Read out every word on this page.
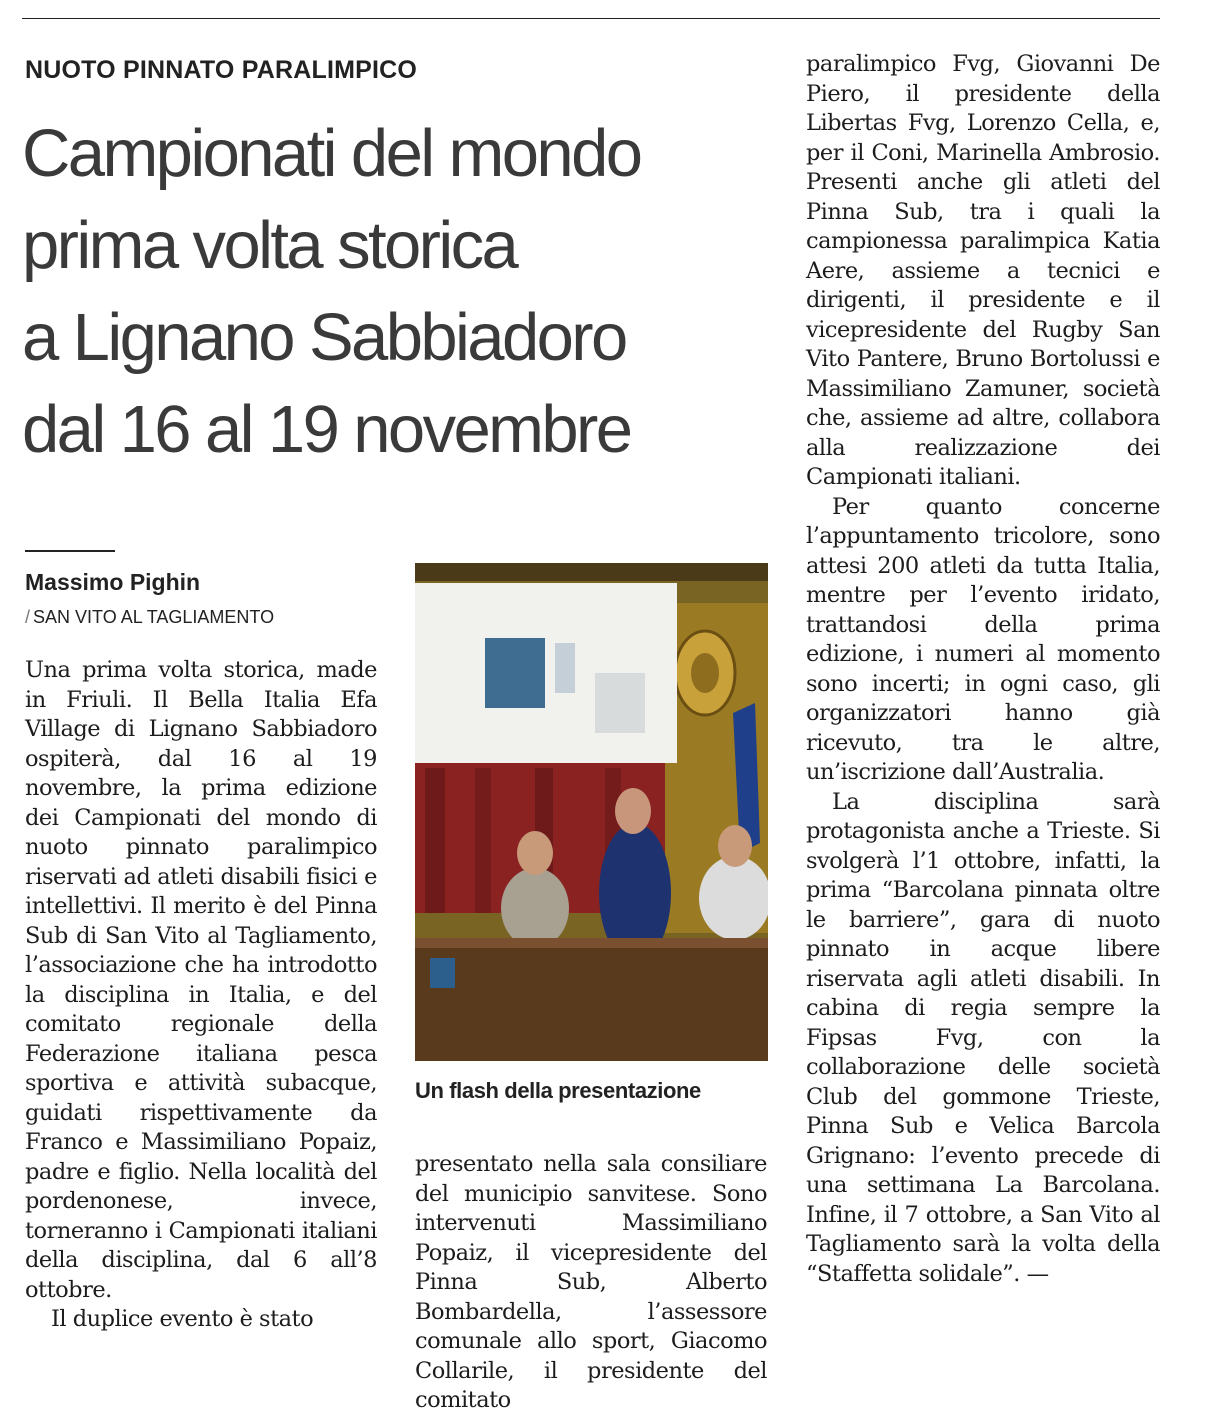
NUOTO PINNATO PARALIMPICO
Campionati del mondo
prima volta storica
a Lignano Sabbiadoro
dal 16 al 19 novembre
Massimo Pighin
/ SAN VITO AL TAGLIAMENTO

Una prima volta storica, made in Friuli. Il Bella Italia Efa Village di Lignano Sabbiadoro ospiterà, dal 16 al 19 novembre, la prima edizione dei Campionati del mondo di nuoto pinnato paralimpico riservati ad atleti disabili fisici e intellettivi. Il merito è del Pinna Sub di San Vito al Tagliamento, l’associazione che ha introdotto la disciplina in Italia, e del comitato regionale della Federazione italiana pesca sportiva e attività subacque, guidati rispettivamente da Franco e Massimiliano Popaiz, padre e figlio. Nella località del pordenonese, invece, torneranno i Campionati italiani della disciplina, dal 6 all’8 ottobre.

Il duplice evento è stato

Un flash della presentazione

presentato nella sala consiliare del municipio sanvitese. Sono intervenuti Massimiliano Popaiz, il vicepresidente del Pinna Sub, Alberto Bombardella, l’assessore comunale allo sport, Giacomo Collarile, il presidente del comitato

paralimpico Fvg, Giovanni De Piero, il presidente della Libertas Fvg, Lorenzo Cella, e, per il Coni, Marinella Ambrosio. Presenti anche gli atleti del Pinna Sub, tra i quali la campionessa paralimpica Katia Aere, assieme a tecnici e dirigenti, il presidente e il vicepresidente del Rugby San Vito Pantere, Bruno Bortolussi e Massimiliano Zamuner, società che, assieme ad altre, collabora alla realizzazione dei Campionati italiani.

Per quanto concerne l’appuntamento tricolore, sono attesi 200 atleti da tutta Italia, mentre per l’evento iridato, trattandosi della prima edizione, i numeri al momento sono incerti; in ogni caso, gli organizzatori hanno già ricevuto, tra le altre, un’iscrizione dall’Australia.

La disciplina sarà protagonista anche a Trieste. Si svolgerà l’1 ottobre, infatti, la prima “Barcolana pinnata oltre le barriere”, gara di nuoto pinnato in acque libere riservata agli atleti disabili. In cabina di regia sempre la Fipsas Fvg, con la collaborazione delle società Club del gommone Trieste, Pinna Sub e Velica Barcola Grignano: l’evento precede di una settimana La Barcolana. Infine, il 7 ottobre, a San Vito al Tagliamento sarà la volta della “Staffetta solidale”. —
